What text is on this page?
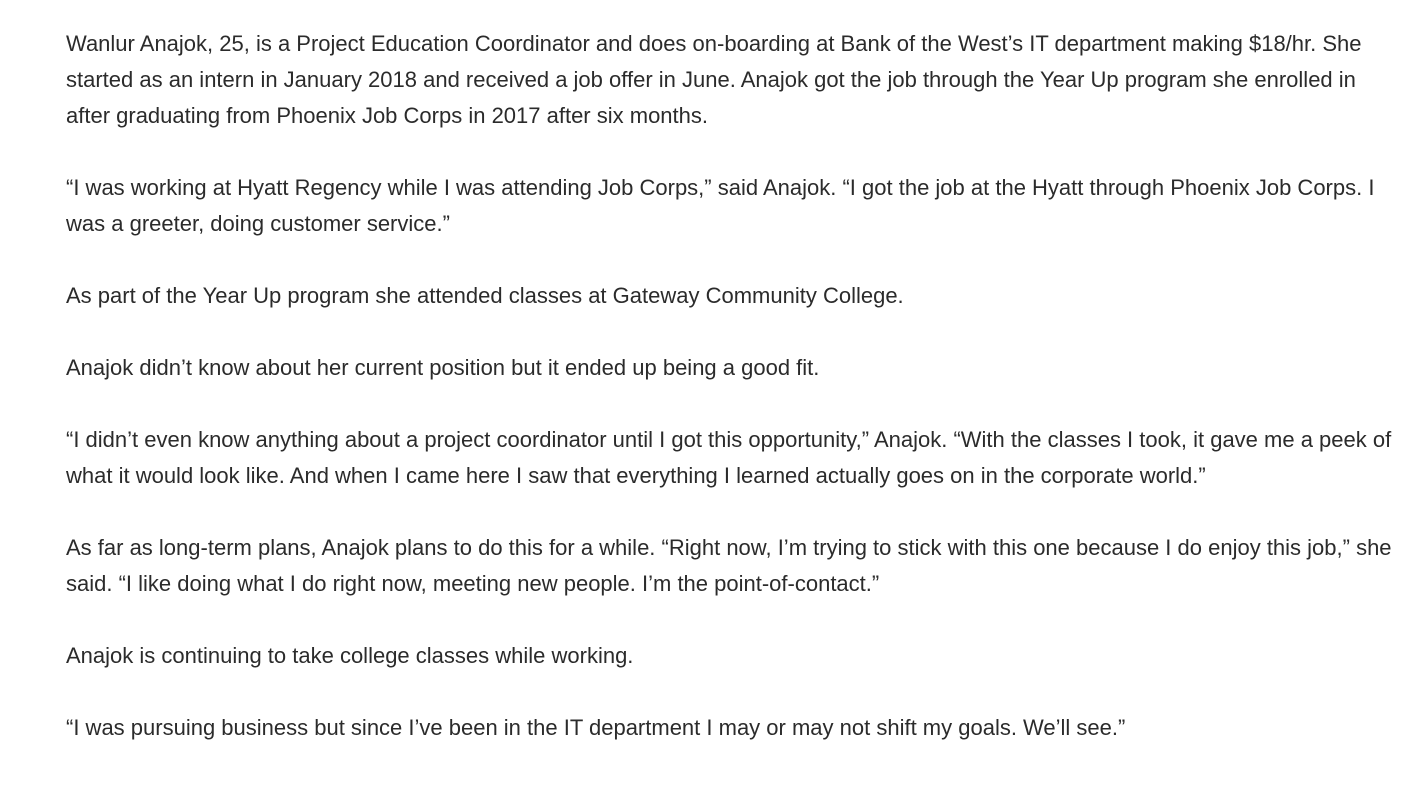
Wanlur Anajok, 25, is a Project Education Coordinator and does on-boarding at Bank of the West’s IT department making $18/hr. She started as an intern in January 2018 and received a job offer in June. Anajok got the job through the Year Up program she enrolled in after graduating from Phoenix Job Corps in 2017 after six months.

“I was working at Hyatt Regency while I was attending Job Corps,” said Anajok. “I got the job at the Hyatt through Phoenix Job Corps. I was a greeter, doing customer service.”

As part of the Year Up program she attended classes at Gateway Community College.

Anajok didn’t know about her current position but it ended up being a good fit.

“I didn’t even know anything about a project coordinator until I got this opportunity,” Anajok. “With the classes I took, it gave me a peek of what it would look like. And when I came here I saw that everything I learned actually goes on in the corporate world.”

As far as long-term plans, Anajok plans to do this for a while. “Right now, I’m trying to stick with this one because I do enjoy this job,” she said. “I like doing what I do right now, meeting new people. I’m the point-of-contact.”

Anajok is continuing to take college classes while working.

“I was pursuing business but since I’ve been in the IT department I may or may not shift my goals. We’ll see.”
